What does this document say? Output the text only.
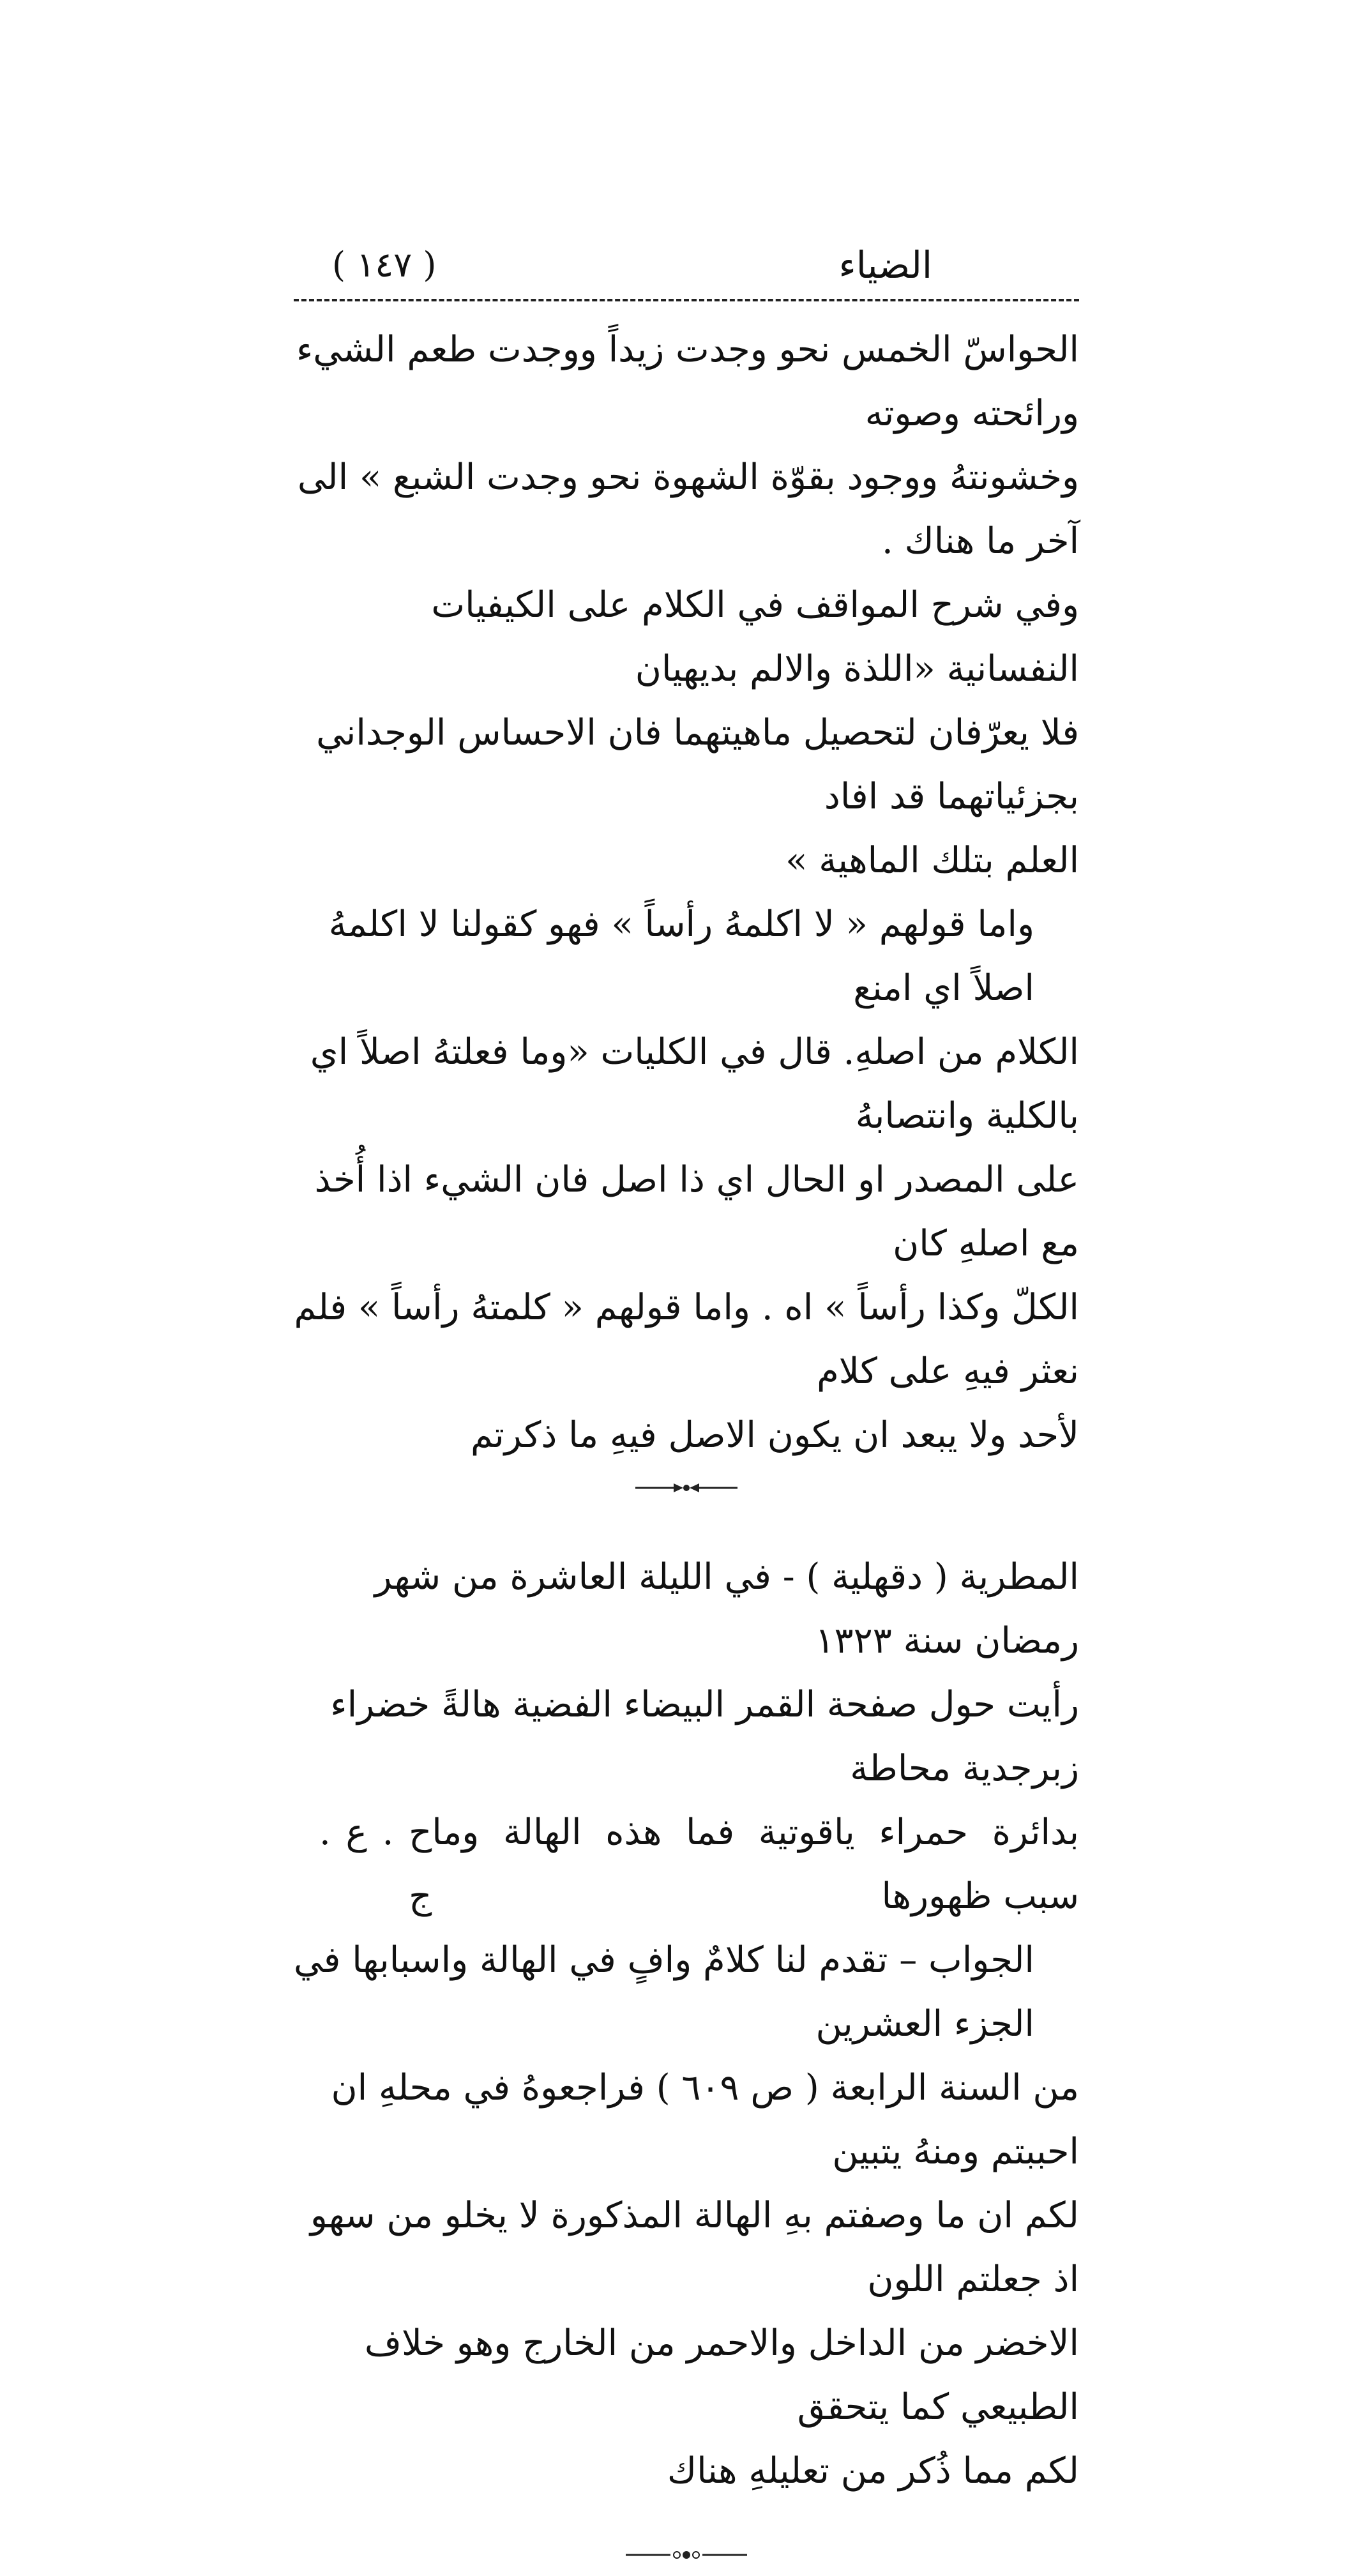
الضياء
( ١٤٧ )

الحواسّ الخمس نحو وجدت زيداً ووجدت طعم الشيء ورائحته وصوته
وخشونتهُ ووجود بقوّة الشهوة نحو وجدت الشبع » الى آخر ما هناك .

وفي شرح المواقف في الكلام على الكيفيات النفسانية «اللذة والالم بديهيان
فلا يعرّفان لتحصيل ماهيتهما فان الاحساس الوجداني بجزئياتهما قد افاد
العلم بتلك الماهية »

واما قولهم « لا اكلمهُ رأساً » فهو كقولنا لا اكلمهُ اصلاً اي امنع
الكلام من اصلهِ. قال في الكليات «وما فعلتهُ اصلاً اي بالكلية وانتصابهُ
على المصدر او الحال اي ذا اصل فان الشيء اذا أُخذ مع اصلهِ كان
الكلّ وكذا رأساً » اه . واما قولهم « كلمتهُ رأساً » فلم نعثر فيهِ على كلام
لأحد ولا يبعد ان يكون الاصل فيهِ ما ذكرتم

المطرية ( دقهلية ) - في الليلة العاشرة من شهر رمضان سنة ١٣٢٣
رأيت حول صفحة القمر البيضاء الفضية هالةً خضراء زبرجدية محاطة
بدائرة حمراء ياقوتية فما هذه الهالة وما سبب ظهورها
ح . ع . ج

الجواب – تقدم لنا كلامٌ وافٍ في الهالة واسبابها في الجزء العشرين
من السنة الرابعة ( ص ٦٠٩ ) فراجعوهُ في محلهِ ان احببتم ومنهُ يتبين
لكم ان ما وصفتم بهِ الهالة المذكورة لا يخلو من سهو اذ جعلتم اللون
الاخضر من الداخل والاحمر من الخارج وهو خلاف الطبيعي كما يتحقق
لكم مما ذُكر من تعليلهِ هناك
